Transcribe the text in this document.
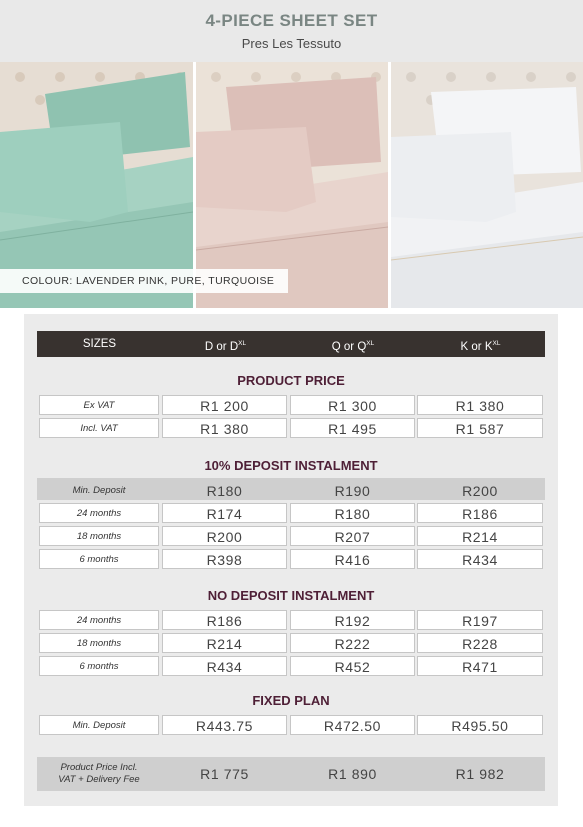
4-PIECE SHEET SET
Pres Les Tessuto
COLOUR: LAVENDER PINK, PURE, TURQUOISE
SIZES	D or $D^{XL}$	Q or $Q^{XL}$	K or $K^{XL}$
PRODUCT PRICE
Ex VAT	R1 200	R1 300	R1 380
Incl. VAT	R1 380	R1 495	R1 587
10% DEPOSIT INSTALMENT
Min. Deposit	R180	R190	R200
24 months	R174	R180	R186
18 months	R200	R207	R214
6 months	R398	R416	R434
NO DEPOSIT INSTALMENT
24 months	R186	R192	R197
18 months	R214	R222	R228
6 months	R434	R452	R471
FIXED PLAN
Min. Deposit	R443.75	R472.50	R495.50
Product Price Incl.
VAT + Delivery Fee	R1 775	R1 890	R1 982
